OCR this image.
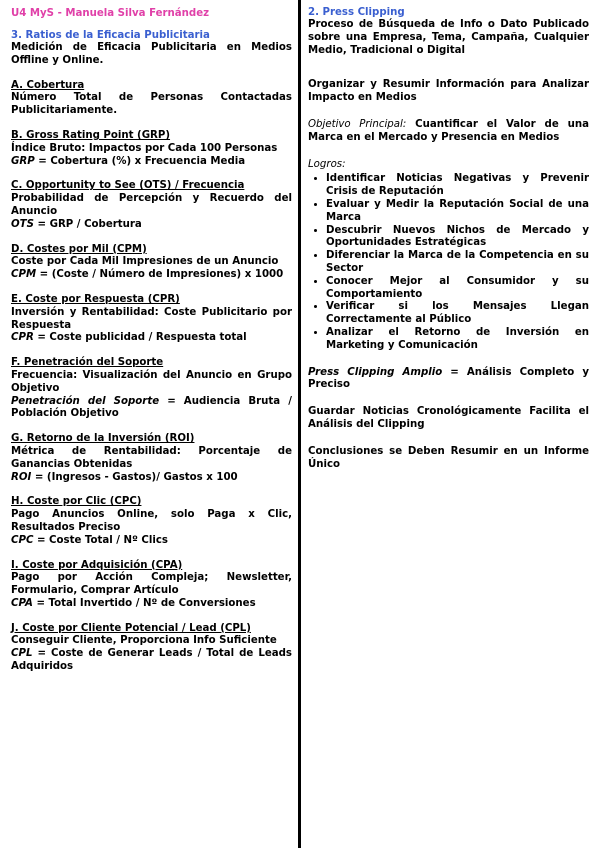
U4 MyS - Manuela Silva Fernández
3. Ratios de la Eficacia Publicitaria

Medición de Eficacia Publicitaria en Medios Offline y Online.

A. Cobertura

Número Total de Personas Contactadas Publicitariamente.

B. Gross Rating Point (GRP)

Índice Bruto: Impactos por Cada 100 Personas

GRP = Cobertura (%) x Frecuencia Media

C. Opportunity to See (OTS) / Frecuencia

Probabilidad de Percepción y Recuerdo del Anuncio

OTS = GRP / Cobertura

D. Costes por Mil (CPM)

Coste por Cada Mil Impresiones de un Anuncio

CPM = (Coste / Número de Impresiones) x 1000

E. Coste por Respuesta (CPR)

Inversión y Rentabilidad: Coste Publicitario por Respuesta

CPR = Coste publicidad / Respuesta total

F. Penetración del Soporte

Frecuencia: Visualización del Anuncio en Grupo Objetivo

Penetración del Soporte = Audiencia Bruta / Población Objetivo

G. Retorno de la Inversión (ROI)

Métrica de Rentabilidad: Porcentaje de Ganancias Obtenidas

ROI = (Ingresos - Gastos)/ Gastos x 100

H. Coste por Clic (CPC)

Pago Anuncios Online, solo Paga x Clic, Resultados Preciso

CPC = Coste Total / Nº Clics

I. Coste por Adquisición (CPA)

Pago por Acción Compleja; Newsletter, Formulario, Comprar Artículo

CPA = Total Invertido / Nº de Conversiones

J. Coste por Cliente Potencial / Lead (CPL)

Conseguir Cliente, Proporciona Info Suficiente

CPL = Coste de Generar Leads / Total de Leads Adquiridos

2. Press Clipping

Proceso de Búsqueda de Info o Dato Publicado sobre una Empresa, Tema, Campaña, Cualquier Medio, Tradicional o Digital

Organizar y Resumir Información para Analizar Impacto en Medios

Objetivo Principal: Cuantificar el Valor de una Marca en el Mercado y Presencia en Medios

Logros:

• Identificar Noticias Negativas y Prevenir Crisis de Reputación
• Evaluar y Medir la Reputación Social de una Marca
• Descubrir Nuevos Nichos de Mercado y Oportunidades Estratégicas
• Diferenciar la Marca de la Competencia en su Sector
• Conocer Mejor al Consumidor y su Comportamiento
• Verificar si los Mensajes Llegan Correctamente al Público
• Analizar el Retorno de Inversión en Marketing y Comunicación

Press Clipping Amplio = Análisis Completo y Preciso

Guardar Noticias Cronológicamente Facilita el Análisis del Clipping

Conclusiones se Deben Resumir en un Informe Único
